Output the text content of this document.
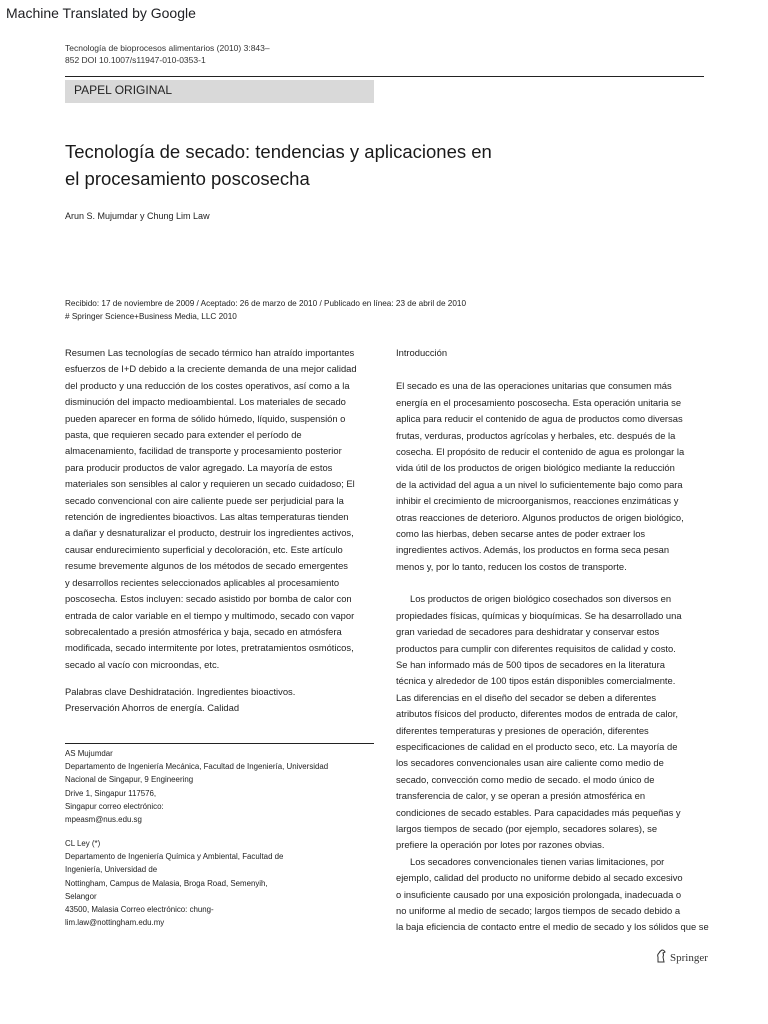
Machine Translated by Google
Tecnología de bioprocesos alimentarios (2010) 3:843–
852 DOI 10.1007/s11947-010-0353-1
PAPEL ORIGINAL
Tecnología de secado: tendencias y aplicaciones en
el procesamiento poscosecha
Arun S. Mujumdar y Chung Lim Law
Recibido: 17 de noviembre de 2009 / Aceptado: 26 de marzo de 2010 / Publicado en línea: 23 de abril de 2010
# Springer Science+Business Media, LLC 2010
Resumen Las tecnologías de secado térmico han atraído importantes
esfuerzos de I+D debido a la creciente demanda de una mejor calidad
del producto y una reducción de los costes operativos, así como a la
disminución del impacto medioambiental. Los materiales de secado
pueden aparecer en forma de sólido húmedo, líquido, suspensión o
pasta, que requieren secado para extender el período de
almacenamiento, facilidad de transporte y procesamiento posterior
para producir productos de valor agregado. La mayoría de estos
materiales son sensibles al calor y requieren un secado cuidadoso; El
secado convencional con aire caliente puede ser perjudicial para la
retención de ingredientes bioactivos. Las altas temperaturas tienden
a dañar y desnaturalizar el producto, destruir los ingredientes activos,
causar endurecimiento superficial y decoloración, etc. Este artículo
resume brevemente algunos de los métodos de secado emergentes
y desarrollos recientes seleccionados aplicables al procesamiento
poscosecha. Estos incluyen: secado asistido por bomba de calor con
entrada de calor variable en el tiempo y multimodo, secado con vapor
sobrecalentado a presión atmosférica y baja, secado en atmósfera
modificada, secado intermitente por lotes, pretratamientos osmóticos,
secado al vacío con microondas, etc.
Palabras clave Deshidratación. Ingredientes bioactivos.
Preservación Ahorros de energía. Calidad
AS Mujumdar
Departamento de Ingeniería Mecánica, Facultad de Ingeniería, Universidad
Nacional de Singapur, 9 Engineering
Drive 1, Singapur 117576,
Singapur correo electrónico:
mpeasm@nus.edu.sg
CL Ley (*)
Departamento de Ingeniería Química y Ambiental, Facultad de
Ingeniería, Universidad de
Nottingham, Campus de Malasia, Broga Road, Semenyih,
Selangor
43500, Malasia Correo electrónico: chung-
lim.law@nottingham.edu.my
Introducción
El secado es una de las operaciones unitarias que consumen más
energía en el procesamiento poscosecha. Esta operación unitaria se
aplica para reducir el contenido de agua de productos como diversas
frutas, verduras, productos agrícolas y herbales, etc. después de la
cosecha. El propósito de reducir el contenido de agua es prolongar la
vida útil de los productos de origen biológico mediante la reducción
de la actividad del agua a un nivel lo suficientemente bajo como para
inhibir el crecimiento de microorganismos, reacciones enzimáticas y
otras reacciones de deterioro. Algunos productos de origen biológico,
como las hierbas, deben secarse antes de poder extraer los
ingredientes activos. Además, los productos en forma seca pesan
menos y, por lo tanto, reducen los costos de transporte.
Los productos de origen biológico cosechados son diversos en
propiedades físicas, químicas y bioquímicas. Se ha desarrollado una
gran variedad de secadores para deshidratar y conservar estos
productos para cumplir con diferentes requisitos de calidad y costo.
Se han informado más de 500 tipos de secadores en la literatura
técnica y alrededor de 100 tipos están disponibles comercialmente.
Las diferencias en el diseño del secador se deben a diferentes
atributos físicos del producto, diferentes modos de entrada de calor,
diferentes temperaturas y presiones de operación, diferentes
especificaciones de calidad en el producto seco, etc. La mayoría de
los secadores convencionales usan aire caliente como medio de
secado, convección como medio de secado. el modo único de
transferencia de calor, y se operan a presión atmosférica en
condiciones de secado estables. Para capacidades más pequeñas y
largos tiempos de secado (por ejemplo, secadores solares), se
prefiere la operación por lotes por razones obvias.
Los secadores convencionales tienen varias limitaciones, por
ejemplo, calidad del producto no uniforme debido al secado excesivo
o insuficiente causado por una exposición prolongada, inadecuada o
no uniforme al medio de secado; largos tiempos de secado debido a
la baja eficiencia de contacto entre el medio de secado y los sólidos que se
Springer
